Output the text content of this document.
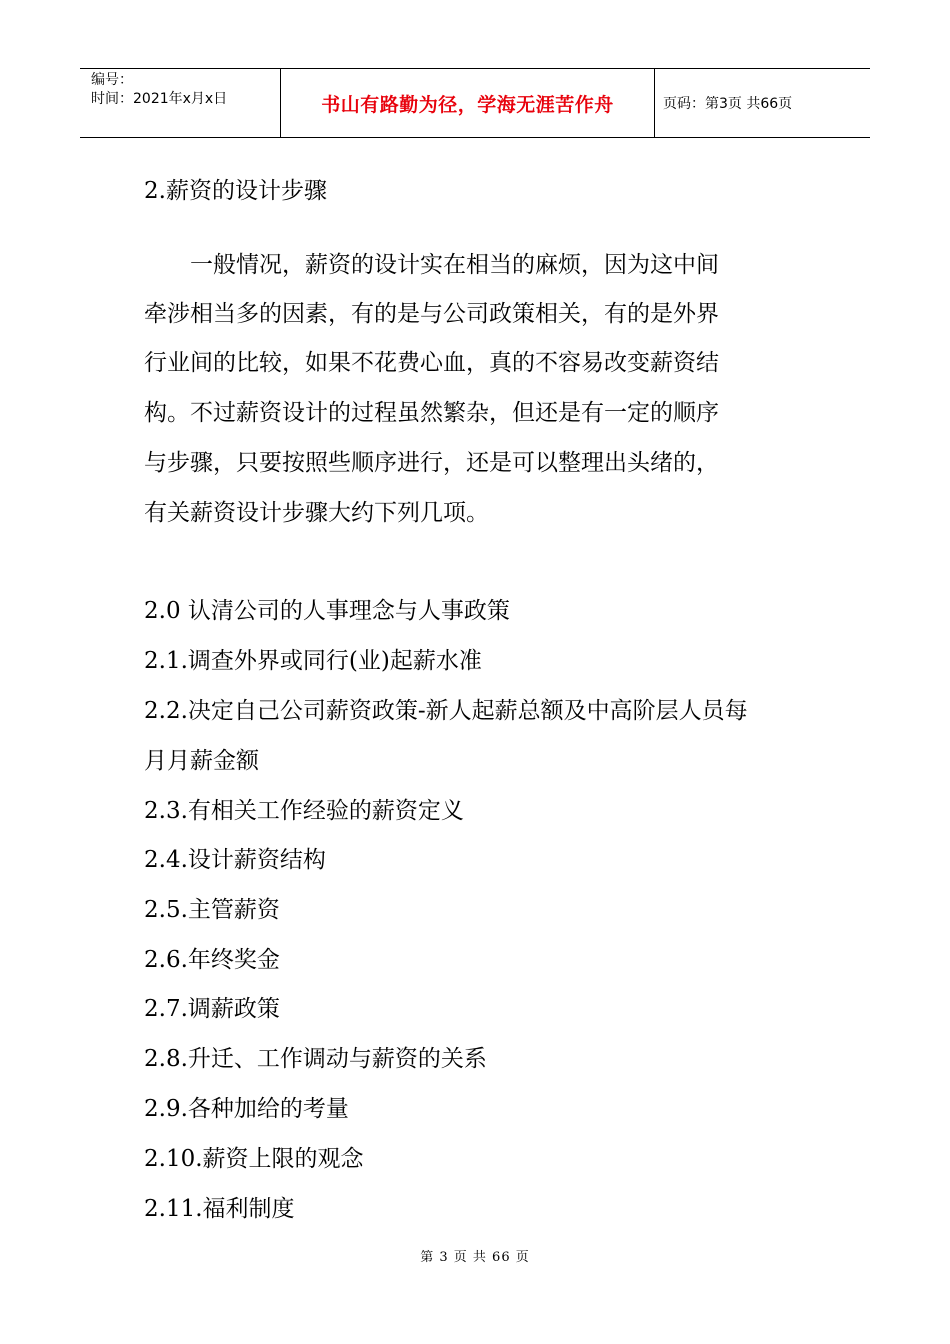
编号：
时间：2021年x月x日	书山有路勤为径，学海无涯苦作舟	页码：第3页 共66页
2.薪资的设计步骤
　　一般情况，薪资的设计实在相当的麻烦，因为这中间
牵涉相当多的因素，有的是与公司政策相关，有的是外界
行业间的比较，如果不花费心血，真的不容易改变薪资结
构。不过薪资设计的过程虽然繁杂，但还是有一定的顺序
与步骤，只要按照些顺序进行，还是可以整理出头绪的，
有关薪资设计步骤大约下列几项。
2.0 认清公司的人事理念与人事政策
2.1.调查外界或同行(业)起薪水准
2.2.决定自己公司薪资政策-新人起薪总额及中高阶层人员每
月月薪金额
2.3.有相关工作经验的薪资定义
2.4.设计薪资结构
2.5.主管薪资
2.6.年终奖金
2.7.调薪政策
2.8.升迁、工作调动与薪资的关系
2.9.各种加给的考量
2.10.薪资上限的观念
2.11.福利制度
第 3 页 共 66 页
